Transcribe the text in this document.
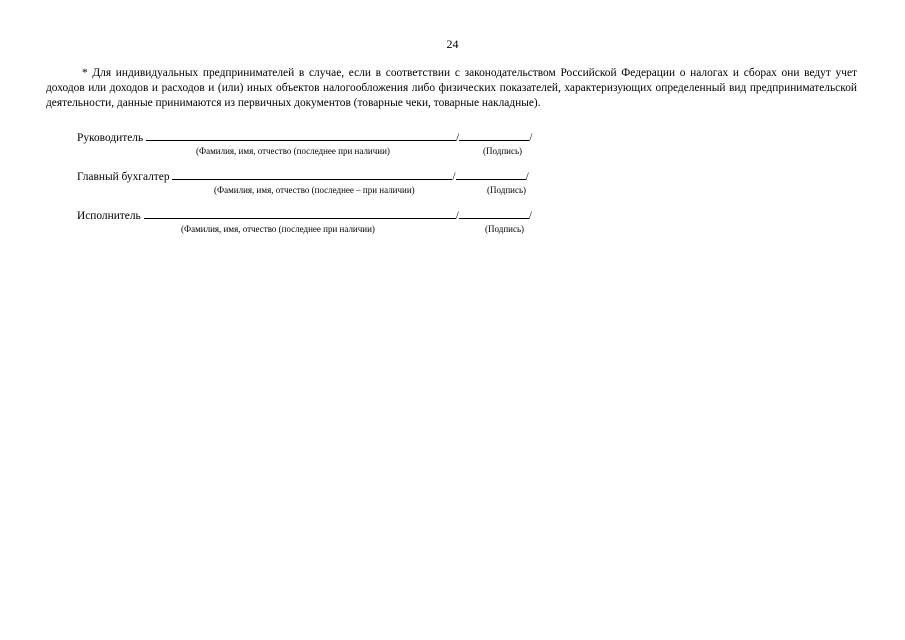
24

* Для индивидуальных предпринимателей в случае, если в соответствии с законодательством Российской Федерации о налогах и сборах они ведут учет доходов или доходов и расходов и (или) иных объектов налогообложения либо физических показателей, характеризующих определенный вид предпринимательской деятельности, данные принимаются из первичных документов (товарные чеки, товарные накладные).

Руководитель	/	/
(Фамилия, имя, отчество (последнее при наличии)	(Подпись)
Главный бухгалтер	/	/
(Фамилия, имя, отчество (последнее – при наличии)	(Подпись)
Исполнитель	/	/
(Фамилия, имя, отчество (последнее при наличии)	(Подпись)
